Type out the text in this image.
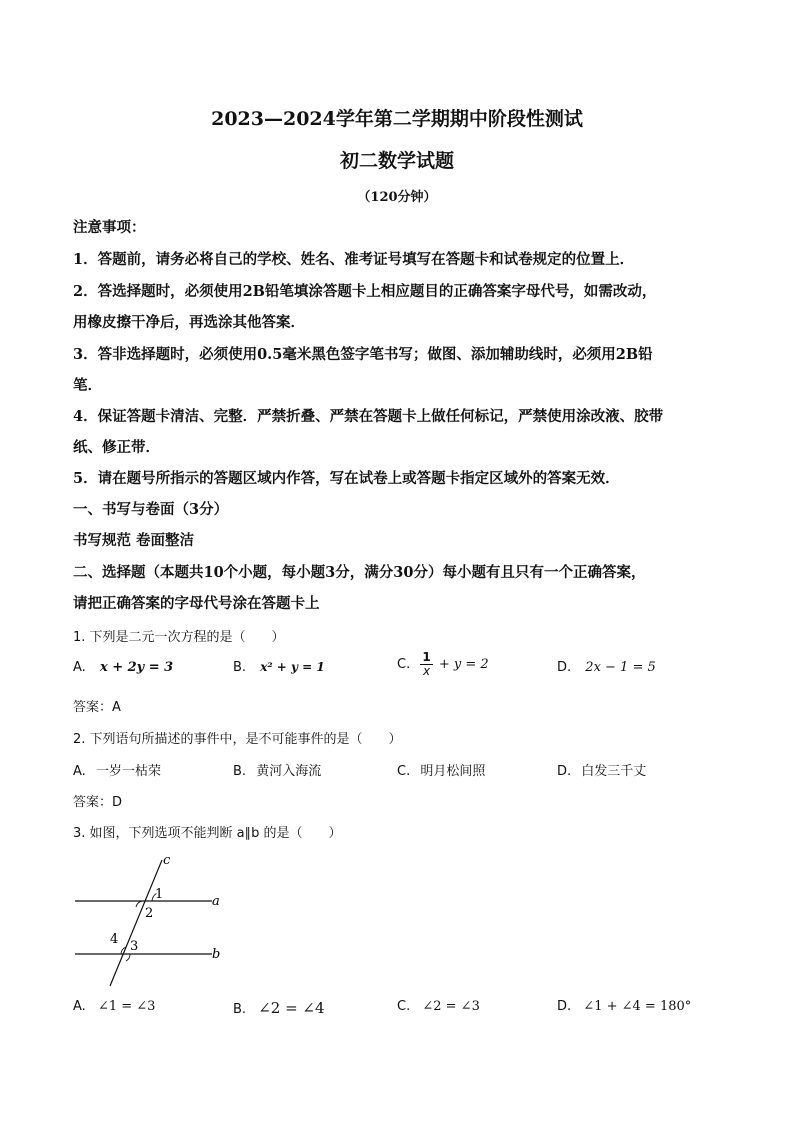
2023—2024学年第二学期期中阶段性测试
初二数学试题
（120分钟）
注意事项：
1．答题前，请务必将自己的学校、姓名、准考证号填写在答题卡和试卷规定的位置上．
2．答选择题时，必须使用2B铅笔填涂答题卡上相应题目的正确答案字母代号，如需改动，
用橡皮擦干净后，再选涂其他答案．
3．答非选择题时，必须使用0.5毫米黑色签字笔书写；做图、添加辅助线时，必须用2B铅
笔．
4．保证答题卡清洁、完整．严禁折叠、严禁在答题卡上做任何标记，严禁使用涂改液、胶带
纸、修正带．
5．请在题号所指示的答题区域内作答，写在试卷上或答题卡指定区域外的答案无效．
一、书写与卷面（3分）
书写规范 卷面整洁
二、选择题（本题共10个小题，每小题3分，满分30分）每小题有且只有一个正确答案，
请把正确答案的字母代号涂在答题卡上
1. 下列是二元一次方程的是（　　）
A. x + 2y = 3	B. x² + y = 1	C. $\frac{1}{x} + y = 2$	D. 2x − 1 = 5
答案：A
2. 下列语句所描述的事件中，是不可能事件的是（　　）
A. 一岁一枯荣	B. 黄河入海流	C. 明月松间照	D. 白发三千丈
答案：D
3. 如图，下列选项不能判断 a∥b 的是（　　）
c
a
b
1
2
3
4
A. ∠1 = ∠3	B. ∠2 = ∠4	C. ∠2 = ∠3	D. ∠1 + ∠4 = 180°
